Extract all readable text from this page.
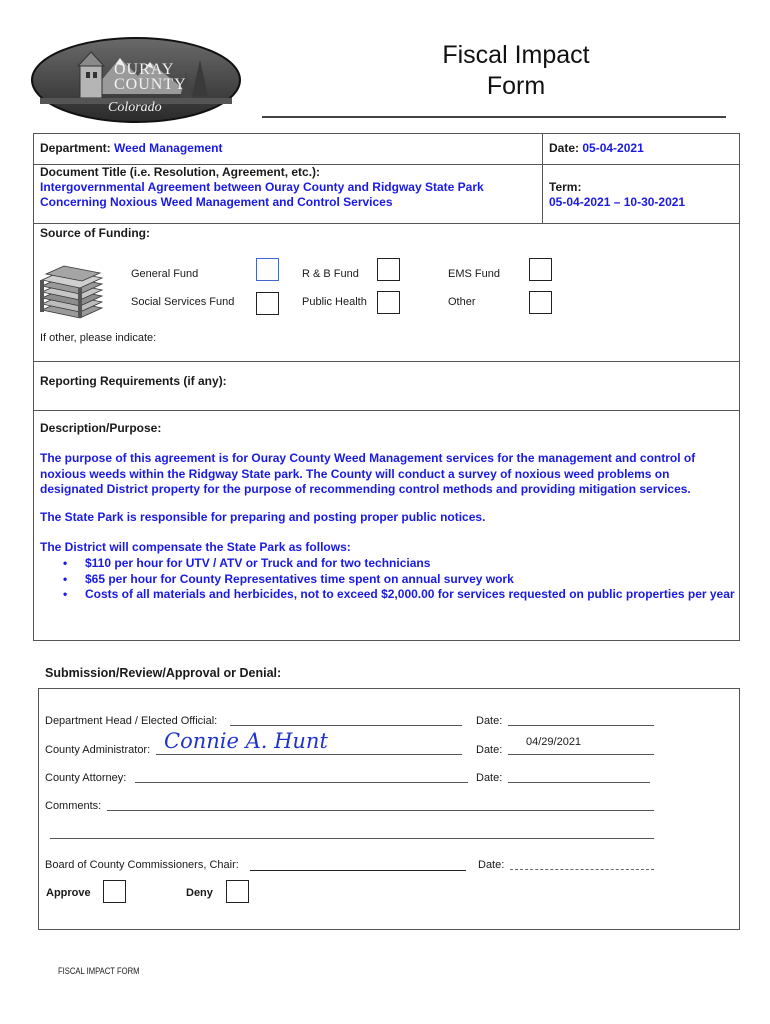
OURAY
COUNTY
Colorado
Fiscal Impact
Form
Department: Weed Management	Date: 05-04-2021
Document Title (i.e. Resolution, Agreement, etc.):
Intergovernmental Agreement between Ouray County and Ridgway State Park
Concerning Noxious Weed Management and Control Services
Term:
05-04-2021 – 10-30-2021
Source of Funding:
General Fund	R & B Fund	EMS Fund
Social Services Fund	Public Health	Other
If other, please indicate:
Reporting Requirements (if any):
Description/Purpose:
The purpose of this agreement is for Ouray County Weed Management services for the management and control of noxious weeds within the Ridgway State park. The County will conduct a survey of noxious weed problems on designated District property for the purpose of recommending control methods and providing mitigation services.
The State Park is responsible for preparing and posting proper public notices.
The District will compensate the State Park as follows:
• $110 per hour for UTV / ATV or Truck and for two technicians
• $65 per hour for County Representatives time spent on annual survey work
• Costs of all materials and herbicides, not to exceed $2,000.00 for services requested on public properties per year
Submission/Review/Approval or Denial:
Department Head / Elected Official:	Date:
County Administrator: Connie A. Hunt	Date:
04/29/2021
County Attorney:	Date:
Comments:
Board of County Commissioners, Chair:	Date:
Approve	Deny
FISCAL IMPACT FORM
